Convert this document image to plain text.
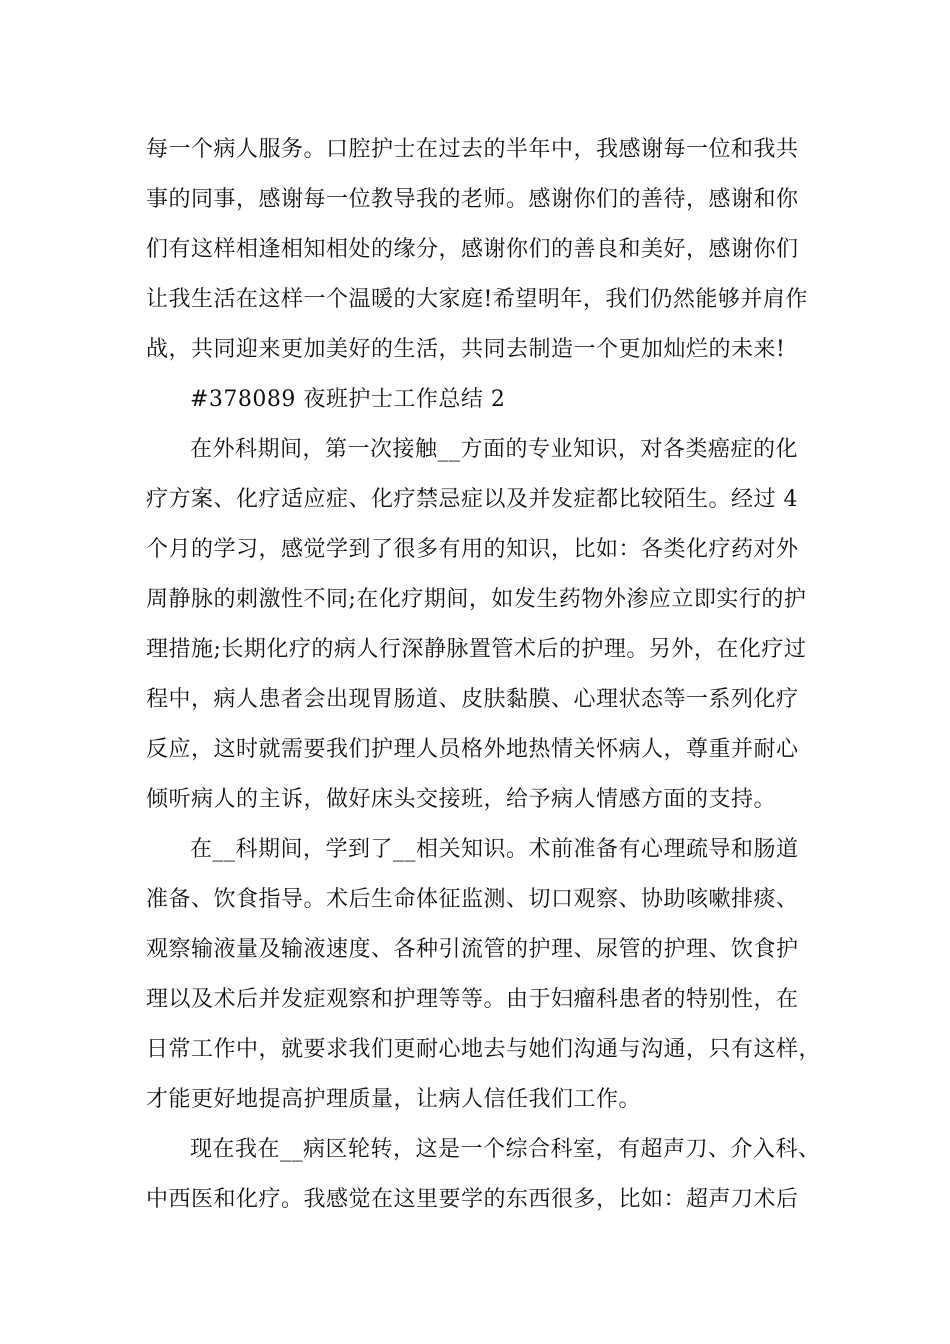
每一个病人服务。口腔护士在过去的半年中，我感谢每一位和我共
事的同事，感谢每一位教导我的老师。感谢你们的善待，感谢和你
们有这样相逢相知相处的缘分，感谢你们的善良和美好，感谢你们
让我生活在这样一个温暖的大家庭!希望明年，我们仍然能够并肩作
战，共同迎来更加美好的生活，共同去制造一个更加灿烂的未来!
#378089 夜班护士工作总结 2
在外科期间，第一次接触__方面的专业知识，对各类癌症的化
疗方案、化疗适应症、化疗禁忌症以及并发症都比较陌生。经过 4
个月的学习，感觉学到了很多有用的知识，比如：各类化疗药对外
周静脉的刺激性不同;在化疗期间，如发生药物外渗应立即实行的护
理措施;长期化疗的病人行深静脉置管术后的护理。另外，在化疗过
程中，病人患者会出现胃肠道、皮肤黏膜、心理状态等一系列化疗
反应，这时就需要我们护理人员格外地热情关怀病人，尊重并耐心
倾听病人的主诉，做好床头交接班，给予病人情感方面的支持。
在__科期间，学到了__相关知识。术前准备有心理疏导和肠道
准备、饮食指导。术后生命体征监测、切口观察、协助咳嗽排痰、
观察输液量及输液速度、各种引流管的护理、尿管的护理、饮食护
理以及术后并发症观察和护理等等。由于妇瘤科患者的特别性，在
日常工作中，就要求我们更耐心地去与她们沟通与沟通，只有这样，
才能更好地提高护理质量，让病人信任我们工作。
现在我在__病区轮转，这是一个综合科室，有超声刀、介入科、
中西医和化疗。我感觉在这里要学的东西很多，比如：超声刀术后
